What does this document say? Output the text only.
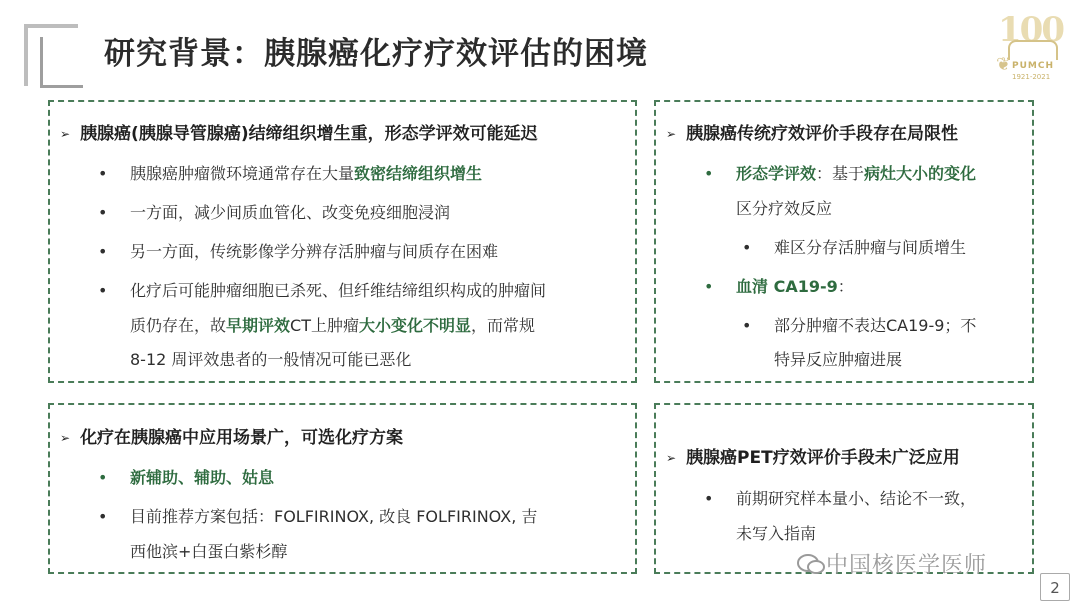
研究背景：胰腺癌化疗疗效评估的困境
100
❦ PUMCH
1921-2021
➢ 胰腺癌(胰腺导管腺癌)结缔组织增生重，形态学评效可能延迟
• 胰腺癌肿瘤微环境通常存在大量致密结缔组织增生
• 一方面，减少间质血管化、改变免疫细胞浸润
• 另一方面，传统影像学分辨存活肿瘤与间质存在困难
• 化疗后可能肿瘤细胞已杀死、但纤维结缔组织构成的肿瘤间
质仍存在，故早期评效CT上肿瘤大小变化不明显，而常规
8-12 周评效患者的一般情况可能已恶化
➢ 胰腺癌传统疗效评价手段存在局限性
• 形态学评效：基于病灶大小的变化
区分疗效反应
• 难区分存活肿瘤与间质增生
• 血清 CA19-9：
• 部分肿瘤不表达CA19-9；不
特异反应肿瘤进展
➢ 化疗在胰腺癌中应用场景广，可选化疗方案
• 新辅助、辅助、姑息
• 目前推荐方案包括：FOLFIRINOX, 改良 FOLFIRINOX, 吉
西他滨+白蛋白紫杉醇
➢ 胰腺癌PET疗效评价手段未广泛应用
• 前期研究样本量小、结论不一致，
未写入指南
中国核医学医师
2
